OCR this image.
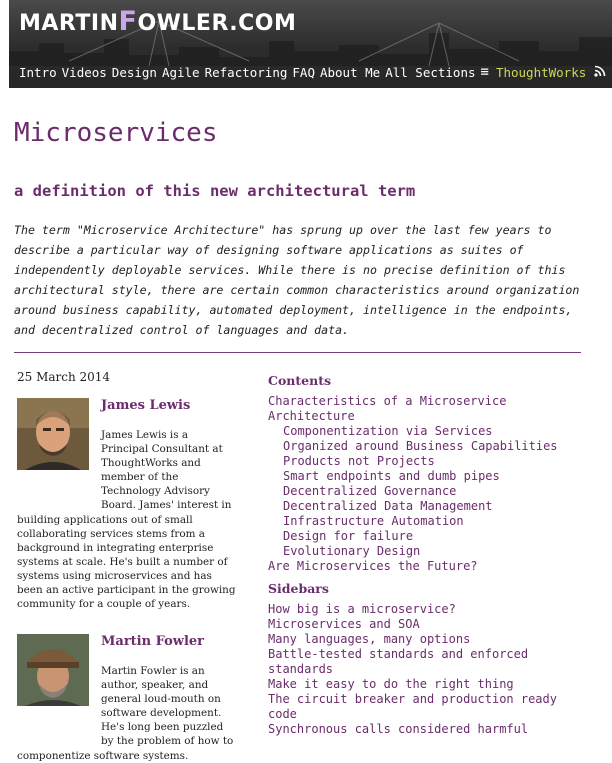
MARTINFOWLER.COM
Intro Videos Design Agile Refactoring FAQ About Me All Sections ≡ ThoughtWorks
Microservices
a definition of this new architectural term

The term "Microservice Architecture" has sprung up over the last few years to describe a particular way of designing software applications as suites of independently deployable services. While there is no precise definition of this architectural style, there are certain common characteristics around organization around business capability, automated deployment, intelligence in the endpoints, and decentralized control of languages and data.

25 March 2014
James Lewis
James Lewis is a Principal Consultant at ThoughtWorks and member of the Technology Advisory Board. James' interest in building applications out of small collaborating services stems from a background in integrating enterprise systems at scale. He's built a number of systems using microservices and has been an active participant in the growing community for a couple of years.
Martin Fowler
Martin Fowler is an author, speaker, and general loud-mouth on software development. He's long been puzzled by the problem of how to componentize software systems.
Contents
Characteristics of a Microservice Architecture
Componentization via Services
Organized around Business Capabilities
Products not Projects
Smart endpoints and dumb pipes
Decentralized Governance
Decentralized Data Management
Infrastructure Automation
Design for failure
Evolutionary Design
Are Microservices the Future?
Sidebars
How big is a microservice?
Microservices and SOA
Many languages, many options
Battle-tested standards and enforced standards
Make it easy to do the right thing
The circuit breaker and production ready code
Synchronous calls considered harmful
